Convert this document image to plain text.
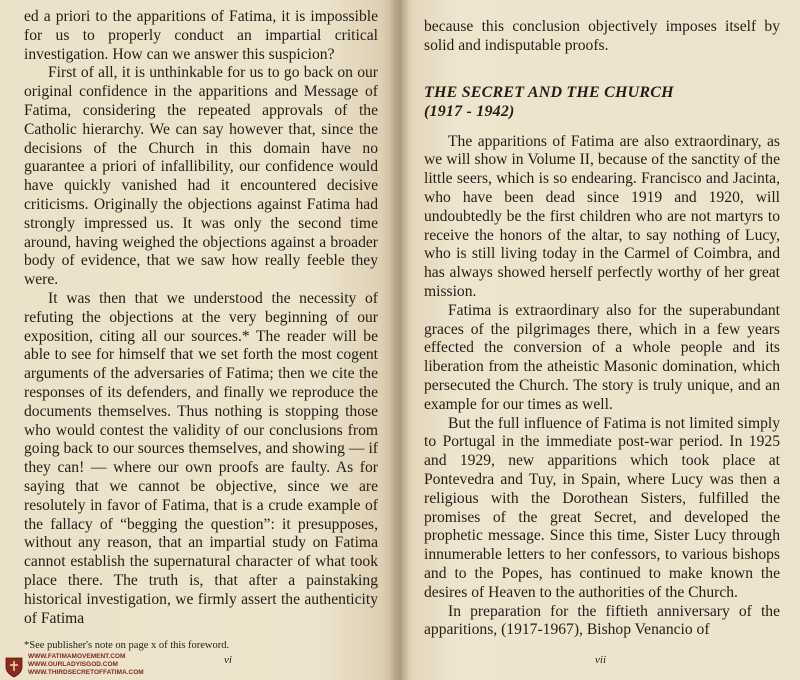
ed a priori to the apparitions of Fatima, it is impossible for us to properly conduct an impartial critical investigation. How can we answer this suspicion?

First of all, it is unthinkable for us to go back on our original confidence in the apparitions and Message of Fatima, considering the repeated approvals of the Catholic hierarchy. We can say however that, since the decisions of the Church in this domain have no guarantee a priori of infallibility, our confidence would have quickly vanished had it encountered decisive criticisms. Originally the objections against Fatima had strongly impressed us. It was only the second time around, having weighed the objections against a broader body of evidence, that we saw how really feeble they were.

It was then that we understood the necessity of refuting the objections at the very beginning of our exposition, citing all our sources.* The reader will be able to see for himself that we set forth the most cogent arguments of the adversaries of Fatima; then we cite the responses of its defenders, and finally we reproduce the documents themselves. Thus nothing is stopping those who would contest the validity of our conclusions from going back to our sources themselves, and showing — if they can! — where our own proofs are faulty. As for saying that we cannot be objective, since we are resolutely in favor of Fatima, that is a crude example of the fallacy of “begging the question”: it presupposes, without any reason, that an impartial study on Fatima cannot establish the supernatural character of what took place there. The truth is, that after a painstaking historical investigation, we firmly assert the authenticity of Fatima

*See publisher's note on page x of this foreword.
vi
WWW.FATIMAMOVEMENT.COM
WWW.OURLADYISGOD.COM
WWW.THIRDSECRETOFFATIMA.COM

because this conclusion objectively imposes itself by solid and indisputable proofs.

THE SECRET AND THE CHURCH
(1917 - 1942)

The apparitions of Fatima are also extraordinary, as we will show in Volume II, because of the sanctity of the little seers, which is so endearing. Francisco and Jacinta, who have been dead since 1919 and 1920, will undoubtedly be the first children who are not martyrs to receive the honors of the altar, to say nothing of Lucy, who is still living today in the Carmel of Coimbra, and has always showed herself perfectly worthy of her great mission.

Fatima is extraordinary also for the superabundant graces of the pilgrimages there, which in a few years effected the conversion of a whole people and its liberation from the atheistic Masonic domination, which persecuted the Church. The story is truly unique, and an example for our times as well.

But the full influence of Fatima is not limited simply to Portugal in the immediate post-war period. In 1925 and 1929, new apparitions which took place at Pontevedra and Tuy, in Spain, where Lucy was then a religious with the Dorothean Sisters, fulfilled the promises of the great Secret, and developed the prophetic message. Since this time, Sister Lucy through innumerable letters to her confessors, to various bishops and to the Popes, has continued to make known the desires of Heaven to the authorities of the Church.

In preparation for the fiftieth anniversary of the apparitions, (1917-1967), Bishop Venancio of

vii
